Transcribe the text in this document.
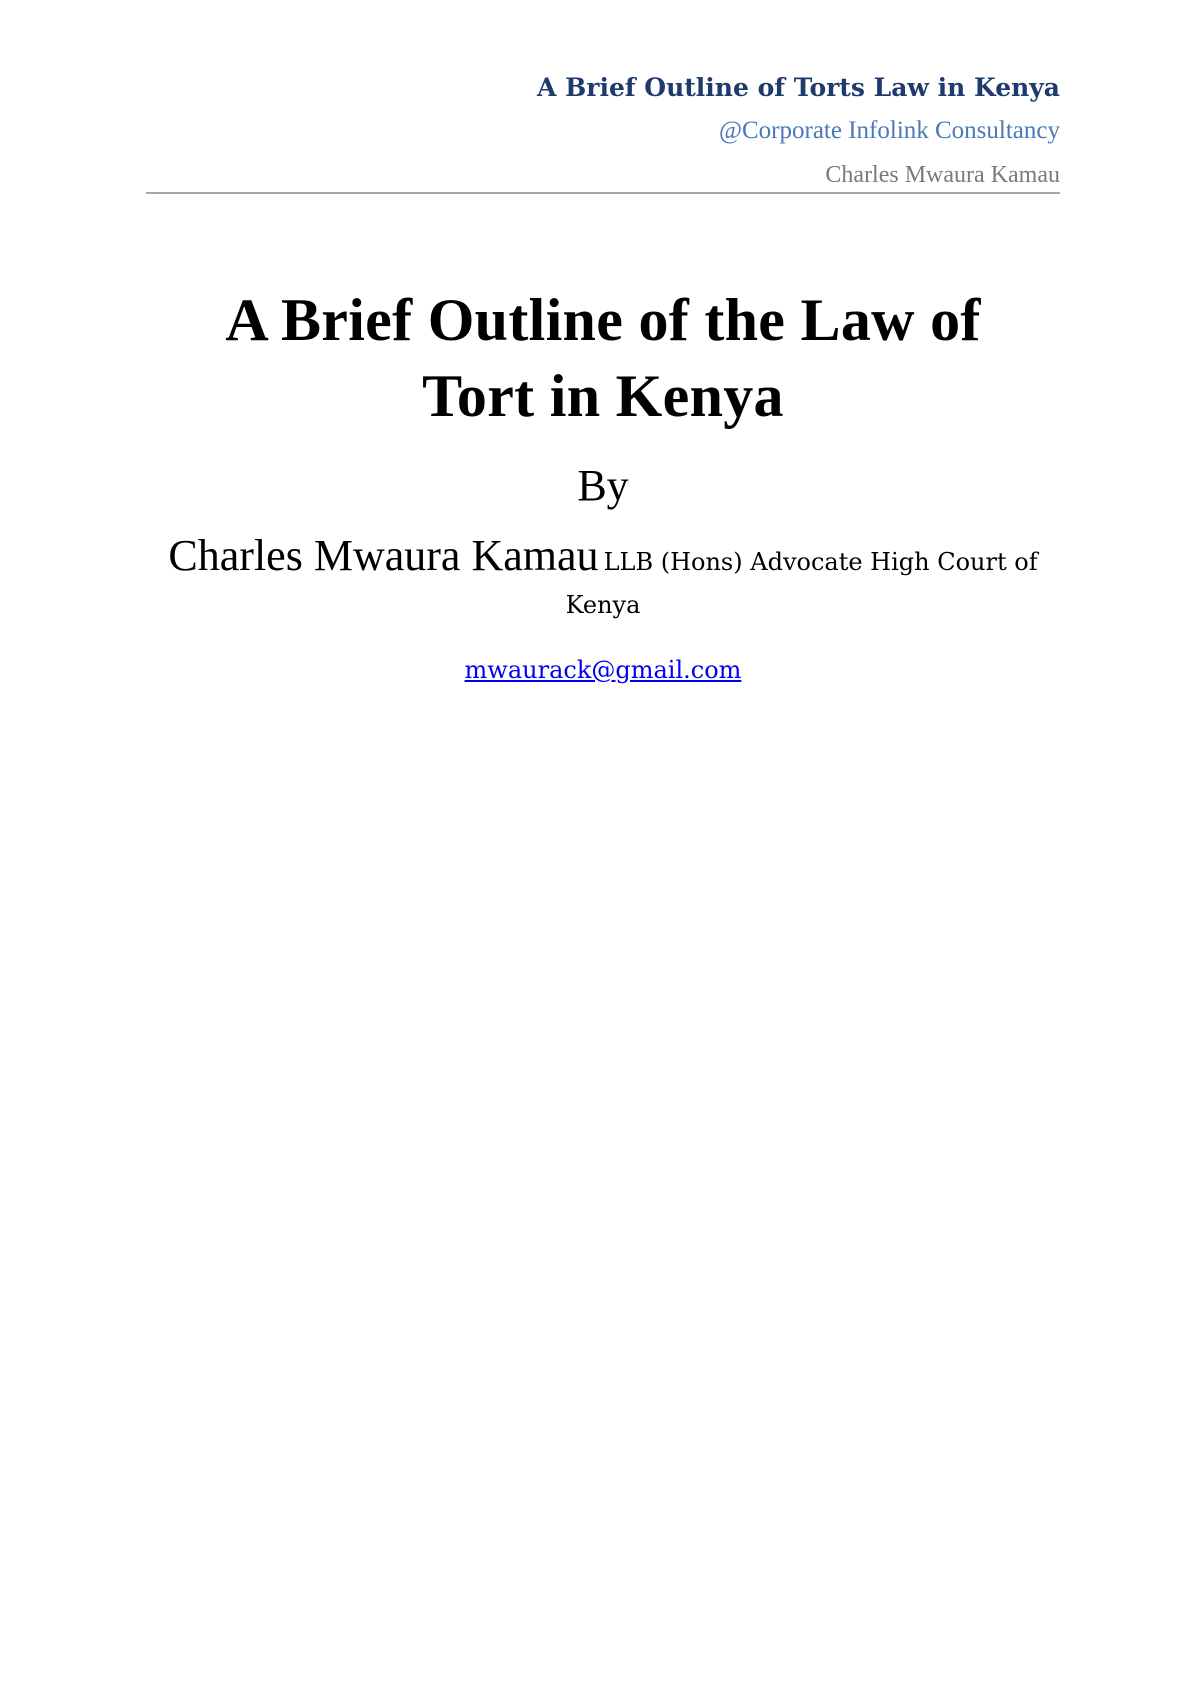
A Brief Outline of Torts Law in Kenya
@Corporate Infolink Consultancy
Charles Mwaura Kamau
A Brief Outline of the Law of
Tort in Kenya
By
Charles Mwaura Kamau LLB (Hons) Advocate High Court of Kenya
mwaurack@gmail.com
